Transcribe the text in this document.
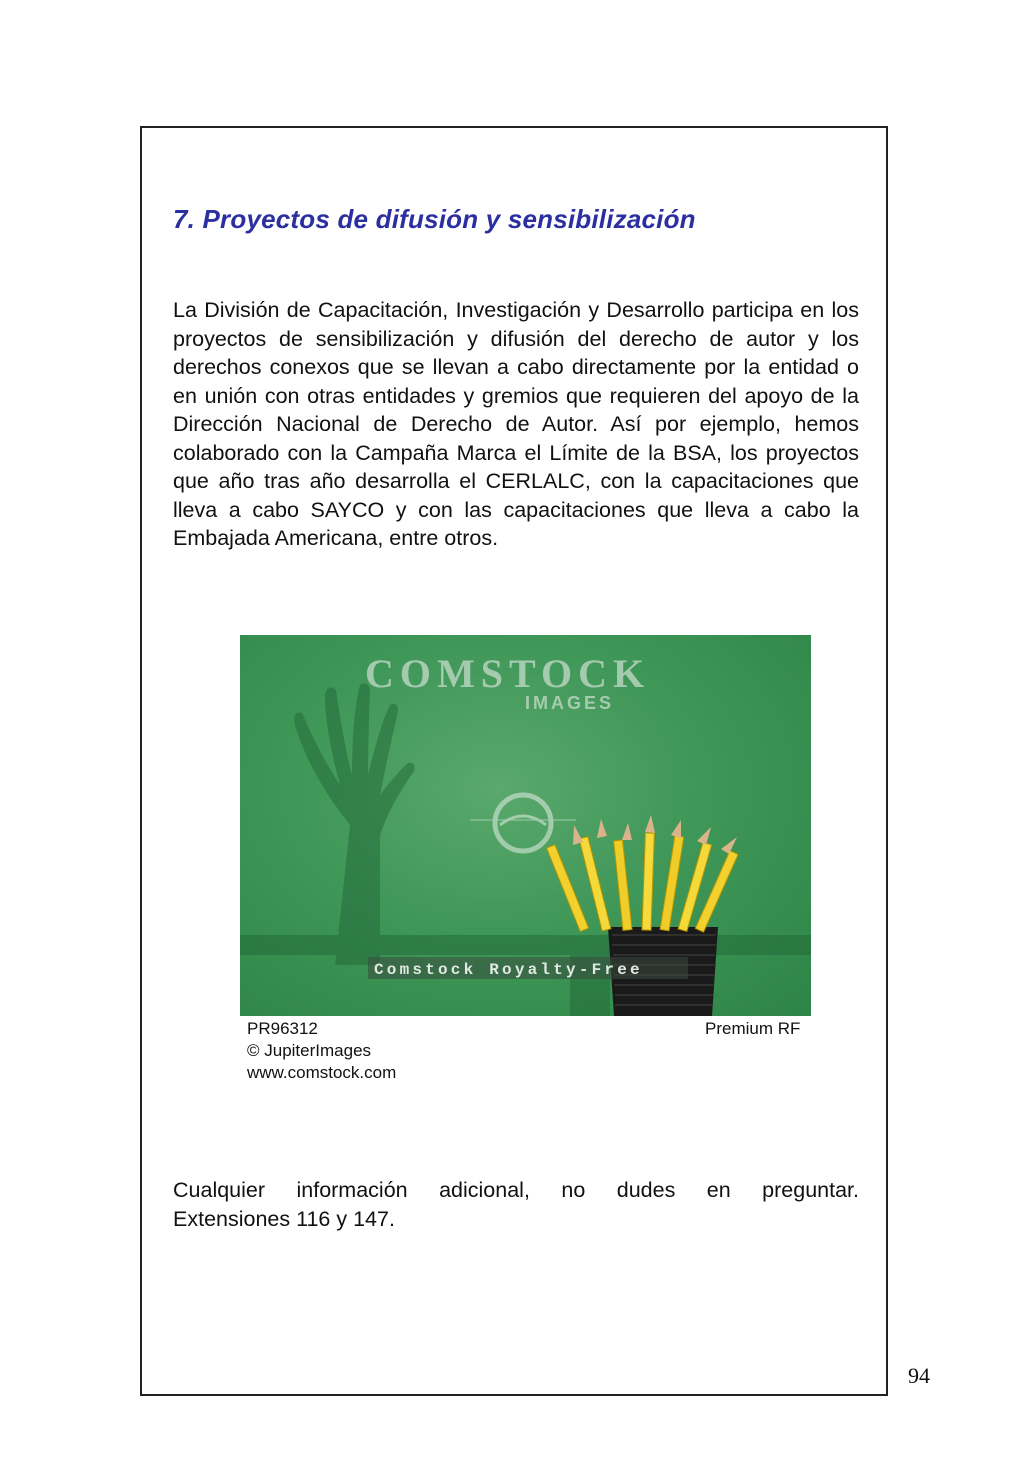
7. Proyectos de difusión y sensibilización

La División de Capacitación, Investigación y Desarrollo participa en los proyectos de sensibilización y difusión del derecho de autor y los derechos conexos que se llevan a cabo directamente por la entidad o en unión con otras entidades y gremios que requieren del apoyo de la Dirección Nacional de Derecho de Autor. Así por ejemplo, hemos colaborado con la Campaña Marca el Límite de la BSA, los proyectos que año tras año desarrolla el CERLALC, con la capacitaciones que lleva a cabo SAYCO y con las capacitaciones que lleva a cabo la Embajada Americana, entre otros.

COMSTOCK
IMAGES
Comstock Royalty-Free
PR96312
© JupiterImages
www.comstock.com
Premium RF

Cualquier información adicional, no dudes en preguntar.

Extensiones 116 y 147.

94
